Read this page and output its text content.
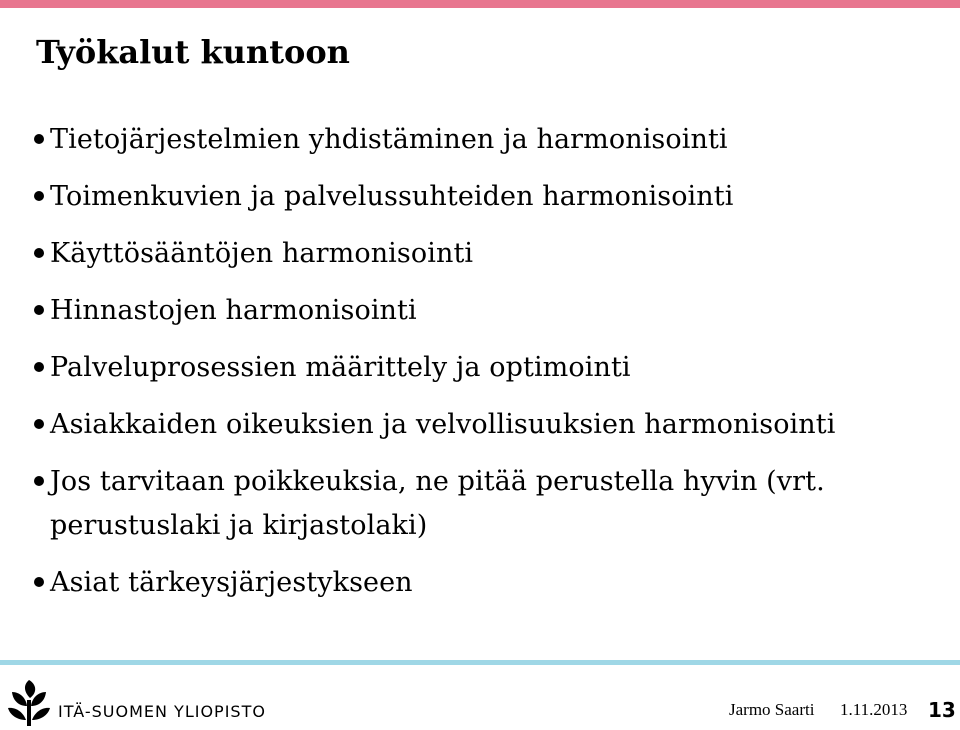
Työkalut kuntoon
Tietojärjestelmien yhdistäminen ja harmonisointi
Toimenkuvien ja palvelussuhteiden harmonisointi
Käyttösääntöjen harmonisointi
Hinnastojen harmonisointi
Palveluprosessien määrittely ja optimointi
Asiakkaiden oikeuksien ja velvollisuuksien harmonisointi
Jos tarvitaan poikkeuksia, ne pitää perustella hyvin (vrt. perustuslaki ja kirjastolaki)
Asiat tärkeysjärjestykseen
ITÄ-SUOMEN YLIOPISTO	Jarmo Saarti 1.11.2013 13
